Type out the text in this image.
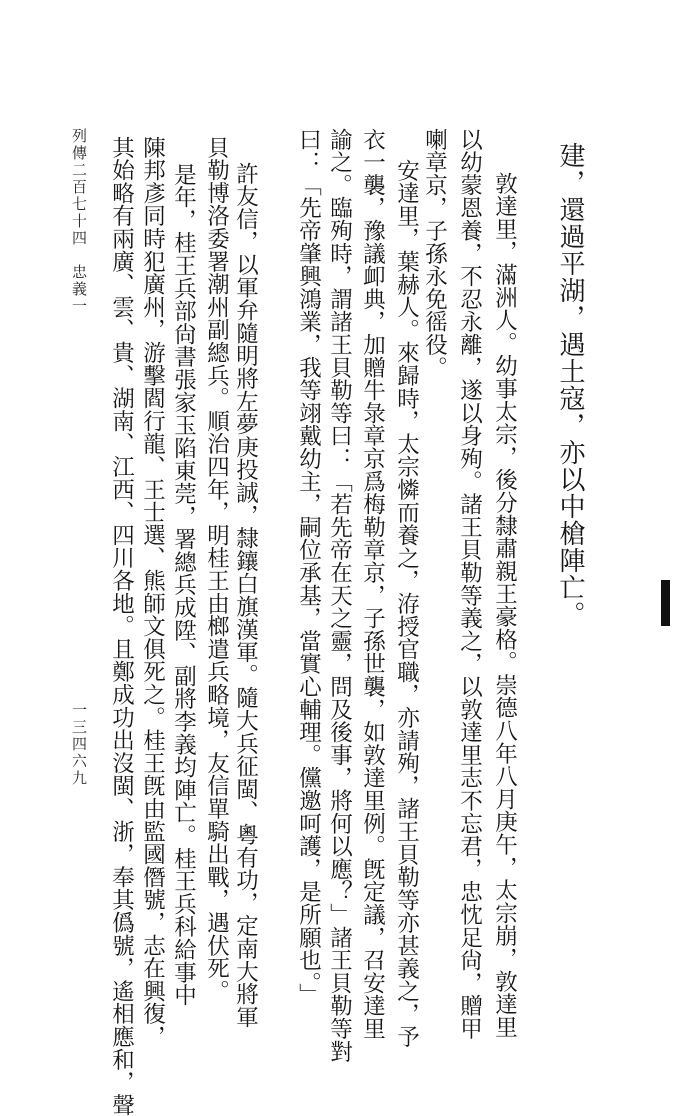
建，還過平湖，遇土寇，亦以中槍陣亡。
敦達里，滿洲人。幼事太宗，後分隸肅親王豪格。崇德八年八月庚午，太宗崩，敦達里
以幼蒙恩養，不忍永離，遂以身殉。諸王貝勒等義之，以敦達里志不忘君，忠忱足尙，贈甲
喇章京，子孫永免徭役。
安達里，葉赫人。來歸時，太宗憐而養之，洊授官職，亦請殉，諸王貝勒等亦甚義之，予
衣一襲，豫議卹典，加贈牛彔章京爲梅勒章京，子孫世襲，如敦達里例。旣定議，召安達里
諭之。臨殉時，謂諸王貝勒等曰：「若先帝在天之靈，問及後事，將何以應？」諸王貝勒等對
曰：「先帝肇興鴻業，我等翊戴幼主，嗣位承基，當實心輔理。儻邀呵護，是所願也。」
許友信，以軍弁隨明將左夢庚投誠，隸鑲白旗漢軍。隨大兵征閩、粵有功，定南大將軍
貝勒博洛委署潮州副總兵。順治四年，明桂王由榔遣兵略境，友信單騎出戰，遇伏死。
是年，桂王兵部尙書張家玉陷東莞，署總兵成陞、副將李義均陣亡。桂王兵科給事中
陳邦彥同時犯廣州，游擊閻行龍、王士選、熊師文俱死之。桂王旣由監國僭號，志在興復，
其始略有兩廣、雲、貴、湖南、江西、四川各地。且鄭成功出沒閩、浙，奉其僞號，遙相應和，聲
列傳二百七十四　忠義一
一三四六九
